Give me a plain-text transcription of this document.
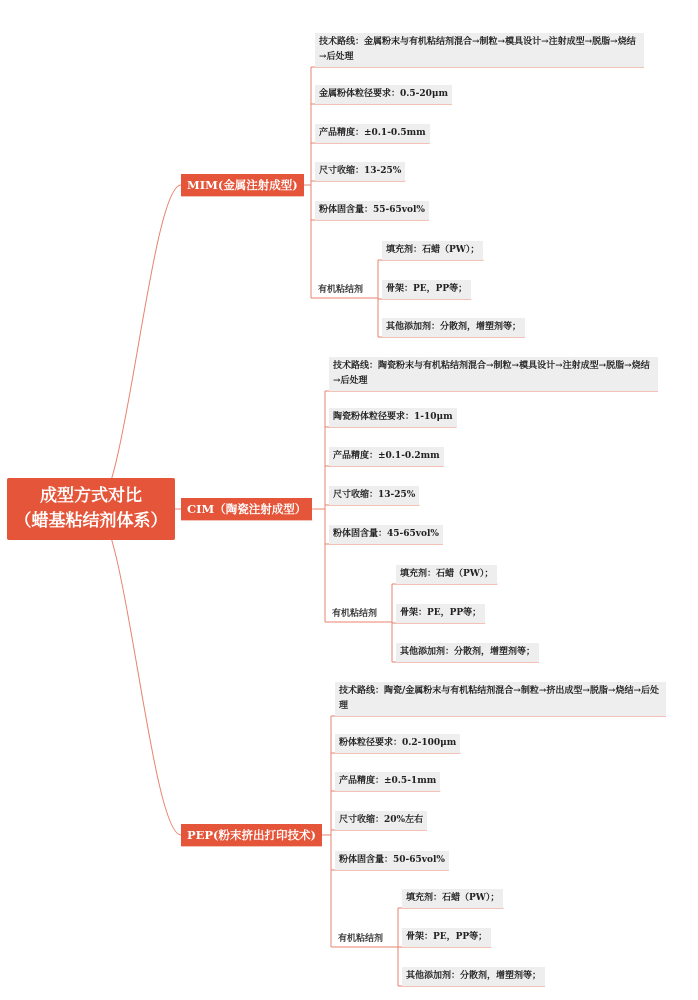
成型方式对比
（蜡基粘结剂体系）
MIM(金属注射成型)
技术路线：金属粉末与有机粘结剂混合→制粒→模具设计→注射成型→脱脂→烧结→后处理
金属粉体粒径要求：0.5-20μm
产品精度：±0.1-0.5mm
尺寸收缩：13-25%
粉体固含量：55-65vol%
有机粘结剂
填充剂：石蜡（PW）；
骨架：PE，PP等；
其他添加剂：分散剂，增塑剂等；
CIM（陶瓷注射成型）
技术路线：陶瓷粉末与有机粘结剂混合→制粒→模具设计→注射成型→脱脂→烧结→后处理
陶瓷粉体粒径要求：1-10μm
产品精度：±0.1-0.2mm
尺寸收缩：13-25%
粉体固含量：45-65vol%
有机粘结剂
填充剂：石蜡（PW）；
骨架：PE，PP等；
其他添加剂：分散剂，增塑剂等；
PEP(粉末挤出打印技术)
技术路线：陶瓷/金属粉末与有机粘结剂混合→制粒→挤出成型→脱脂→烧结→后处理
粉体粒径要求：0.2-100μm
产品精度：±0.5-1mm
尺寸收缩：20%左右
粉体固含量：50-65vol%
有机粘结剂
填充剂：石蜡（PW）；
骨架：PE，PP等；
其他添加剂：分散剂，增塑剂等；
